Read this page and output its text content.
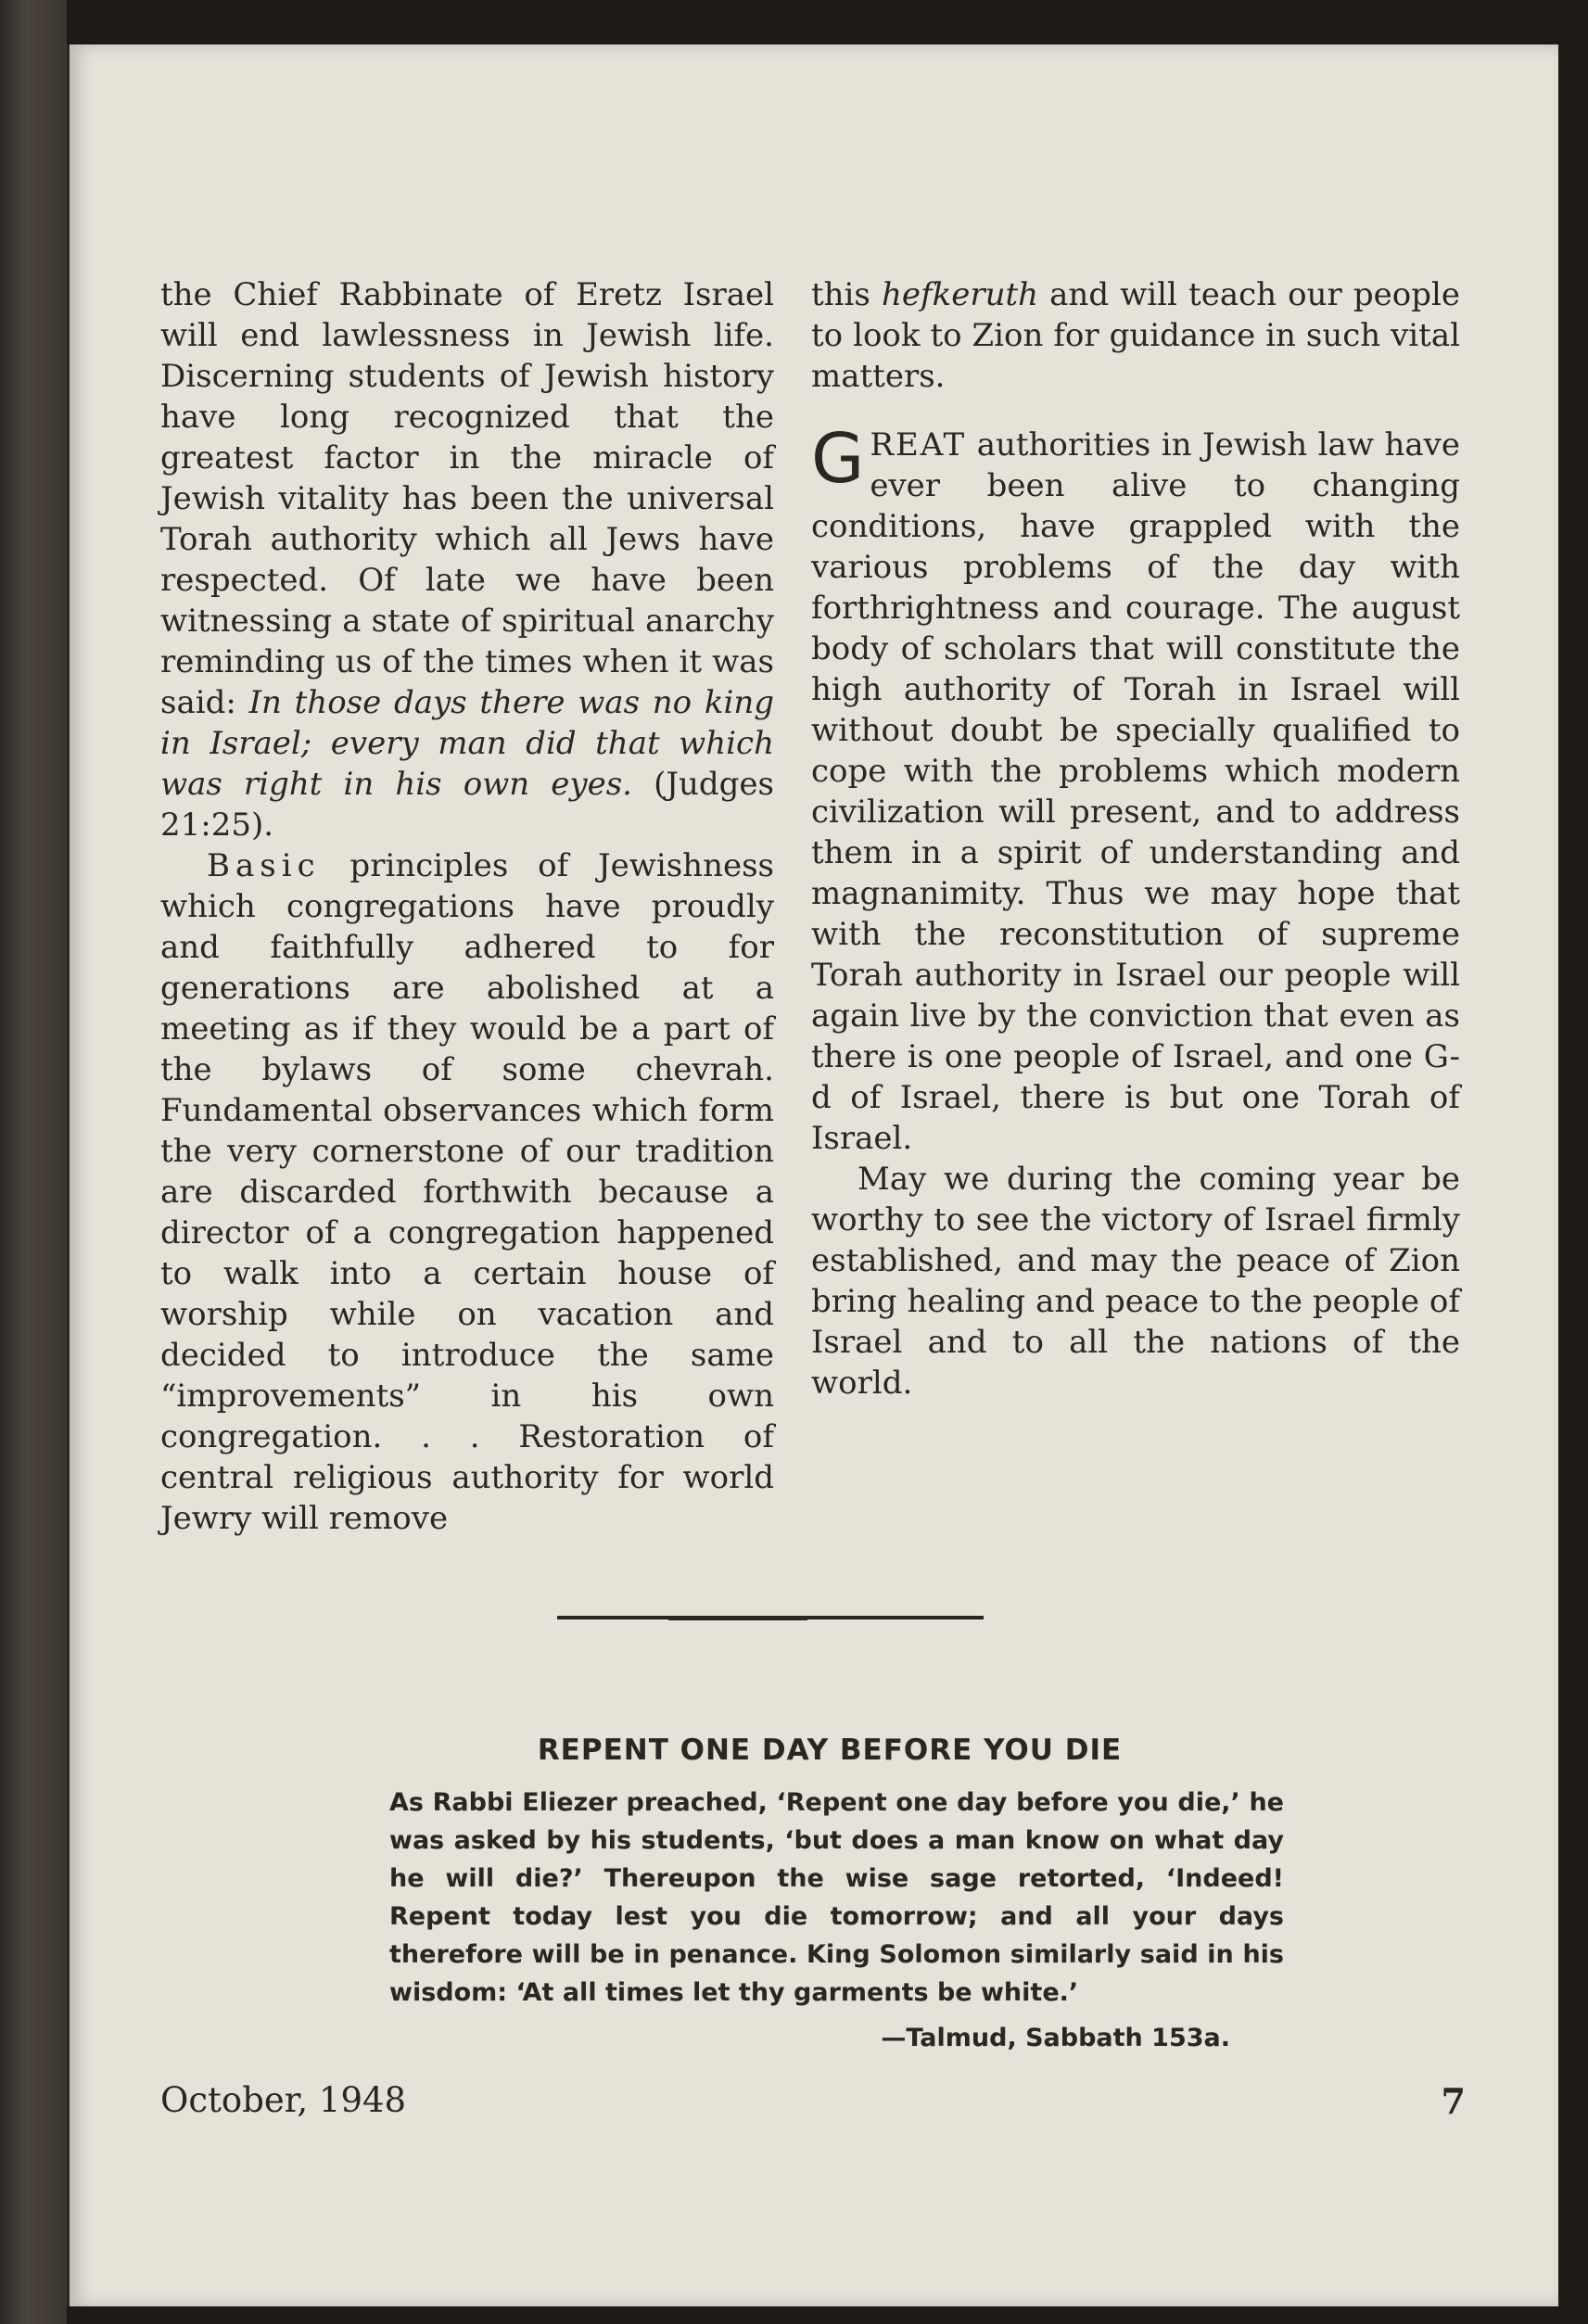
the Chief Rabbinate of Eretz Israel will end lawlessness in Jewish life. Discerning students of Jewish history have long recognized that the greatest factor in the miracle of Jewish vitality has been the universal Torah authority which all Jews have respected. Of late we have been witnessing a state of spiritual anarchy reminding us of the times when it was said: In those days there was no king in Israel; every man did that which was right in his own eyes. (Judges 21:25).

Basic principles of Jewishness which congregations have proudly and faithfully adhered to for generations are abolished at a meeting as if they would be a part of the bylaws of some chevrah. Fundamental observances which form the very cornerstone of our tradition are discarded forthwith because a director of a congregation happened to walk into a certain house of worship while on vacation and decided to introduce the same “improvements” in his own congregation. . . Restoration of central religious authority for world Jewry will remove

this hefkeruth and will teach our people to look to Zion for guidance in such vital matters.

GREAT authorities in Jewish law have ever been alive to changing conditions, have grappled with the various problems of the day with forthrightness and courage. The august body of scholars that will constitute the high authority of Torah in Israel will without doubt be specially qualified to cope with the problems which modern civilization will present, and to address them in a spirit of understanding and magnanimity. Thus we may hope that with the reconstitution of supreme Torah authority in Israel our people will again live by the conviction that even as there is one people of Israel, and one G-d of Israel, there is but one Torah of Israel.

May we during the coming year be worthy to see the victory of Israel firmly established, and may the peace of Zion bring healing and peace to the people of Israel and to all the nations of the world.

REPENT ONE DAY BEFORE YOU DIE
As Rabbi Eliezer preached, ‘Repent one day before you die,’ he was asked by his students, ‘but does a man know on what day he will die?’ Thereupon the wise sage retorted, ‘Indeed! Repent today lest you die tomorrow; and all your days therefore will be in penance. King Solomon similarly said in his wisdom: ‘At all times let thy garments be white.’
—Talmud, Sabbath 153a.
October, 1948	7
